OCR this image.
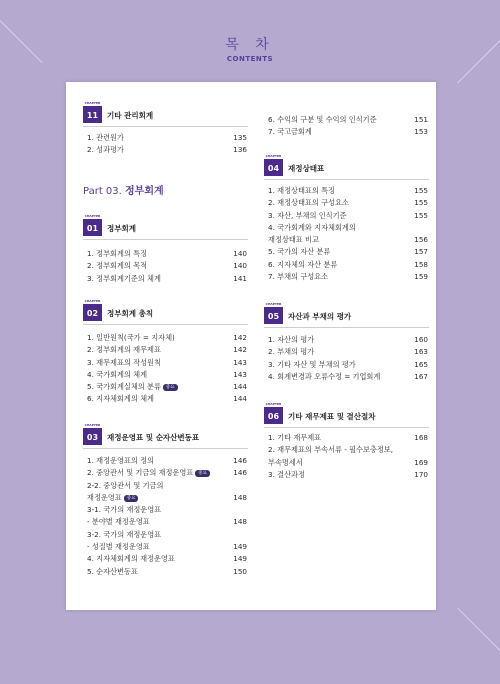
목 차
CONTENTS
CHAPTER
11	기타 관리회계
1. 관련원가	135
2. 성과평가	136
Part 03. 정부회계
CHAPTER
01	정부회계
1. 정부회계의 특징	140
2. 정부회계의 목적	140
3. 정부회계기준의 체계	141
CHAPTER
02	정부회계 총칙
1. 일반원칙(국가 = 지자체)	142
2. 정부회계의 재무제표	142
3. 재무제표의 작성원칙	143
4. 국가회계의 체계	143
5. 국가회계실체의 분류 중요	144
6. 지자체회계의 체계	144
CHAPTER
03	재정운영표 및 순자산변동표
1. 재정운영표의 정의	146
2. 중앙관서 및 기금의 재정운영표 중요	146
2-2. 중앙관서 및 기금의
재정운영표 중요	148
3-1. 국가의 재정운영표
- 분야별 재정운영표	148
3-2. 국가의 재정운영표
- 성질별 재정운영표	149
4. 지자체회계의 재정운영표	149
5. 순자산변동표	150
6. 수익의 구분 및 수익의 인식기준	151
7. 국고금회계	153
CHAPTER
04	재정상태표
1. 재정상태표의 특징	155
2. 재정상태표의 구성요소	155
3. 자산, 부채의 인식기준	155
4. 국가회계와 지자체회계의
재정상태표 비교	156
5. 국가의 자산 분류	157
6. 지자체의 자산 분류	158
7. 부채의 구성요소	159
CHAPTER
05	자산과 부채의 평가
1. 자산의 평가	160
2. 부채의 평가	163
3. 기타 자산 및 부채의 평가	165
4. 회계변경과 오류수정 = 기업회계	167
CHAPTER
06	기타 재무제표 및 결산절차
1. 기타 재무제표	168
2. 재무제표의 부속서류 - 필수보충정보,
부속명세서	169
3. 결산과정	170
